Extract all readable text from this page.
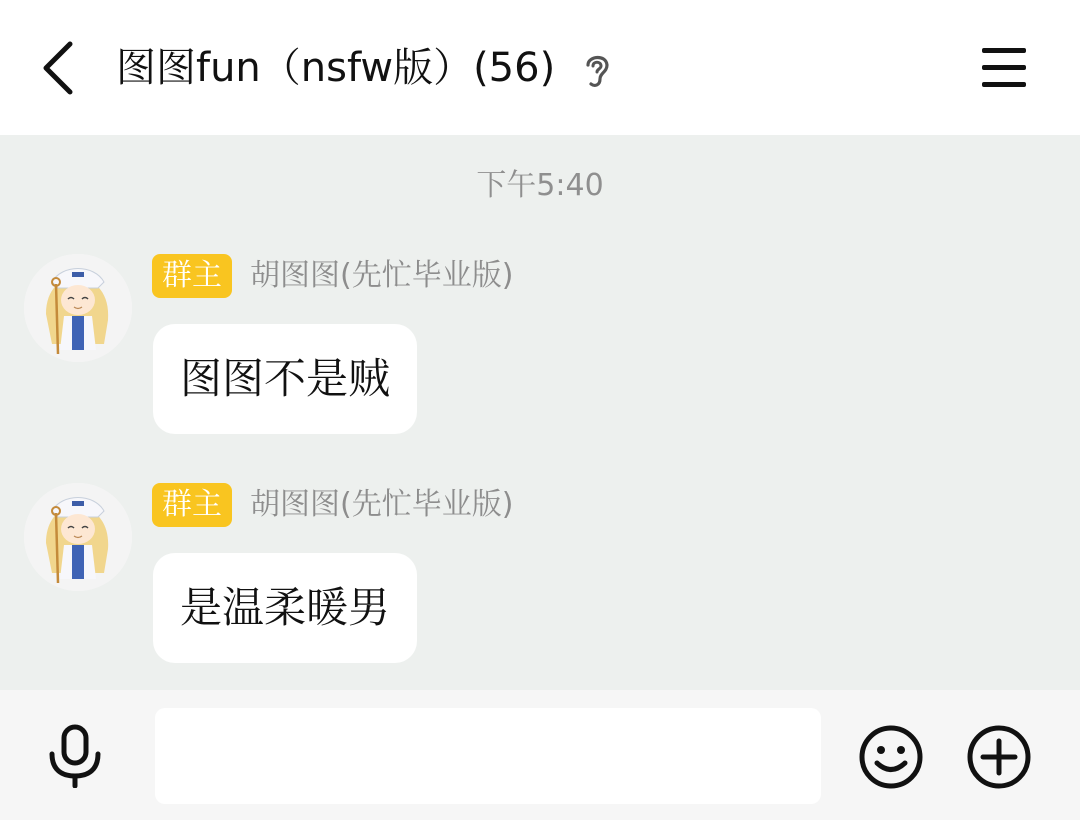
图图fun（nsfw版）(56)
下午5:40
群主 胡图图(先忙毕业版)
图图不是贼
群主 胡图图(先忙毕业版)
是温柔暖男
